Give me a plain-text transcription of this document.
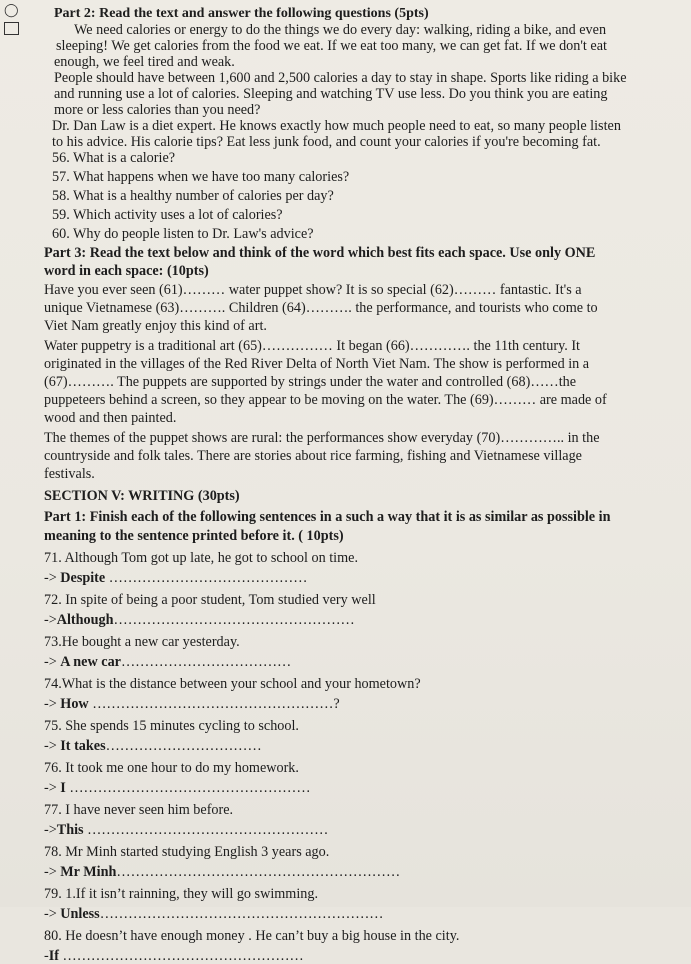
◯	Part 2: Read the text and answer the following questions (5pts)
We need calories or energy to do the things we do every day: walking, riding a bike, and even
sleeping! We get calories from the food we eat. If we eat too many, we can get fat. If we don't eat
enough, we feel tired and weak.
People should have between 1,600 and 2,500 calories a day to stay in shape. Sports like riding a bike
and running use a lot of calories. Sleeping and watching TV use less. Do you think you are eating
more or less calories than you need?
Dr. Dan Law is a diet expert. He knows exactly how much people need to eat, so many people listen
to his advice. His calorie tips? Eat less junk food, and count your calories if you're becoming fat.
56. What is a calorie?
57. What happens when we have too many calories?
58. What is a healthy number of calories per day?
59. Which activity uses a lot of calories?
60. Why do people listen to Dr. Law's advice?
Part 3: Read the text below and think of the word which best fits each space. Use only ONE
word in each space: (10pts)
Have you ever seen (61)……… water puppet show? It is so special (62)……… fantastic. It's a
unique Vietnamese (63)………. Children (64)………. the performance, and tourists who come to
Viet Nam greatly enjoy this kind of art.
Water puppetry is a traditional art (65)…………… It began (66)…………. the 11th century. It
originated in the villages of the Red River Delta of North Viet Nam. The show is performed in a
(67)………. The puppets are supported by strings under the water and controlled (68)……the
puppeteers behind a screen, so they appear to be moving on the water. The (69)……… are made of
wood and then painted.
The themes of the puppet shows are rural: the performances show everyday (70)………….. in the
countryside and folk tales. There are stories about rice farming, fishing and Vietnamese village
festivals.
SECTION V: WRITING (30pts)
Part 1: Finish each of the following sentences in a such a way that it is as similar as possible in
meaning to the sentence printed before it. ( 10pts)
71. Although Tom got up late, he got to school on time.
-> Despite ……………………………………
72. In spite of being a poor student, Tom studied very well
->Although……………………………………………
73.He bought a new car yesterday.
-> A new car………………………………
74.What is the distance between your school and your hometown?
-> How ……………………………………………?
75. She spends 15 minutes cycling to school.
-> It takes……………………………
76. It took me one hour to do my homework.
-> I ……………………………………………
77. I have never seen him before.
->This ……………………………………………
78. Mr Minh started studying English 3 years ago.
-> Mr Minh……………………………………………………
79. 1.If it isn’t rainning, they will go swimming.
-> Unless……………………………………………………
80. He doesn’t have enough money . He can’t buy a big house in the city.
-If ……………………………………………
